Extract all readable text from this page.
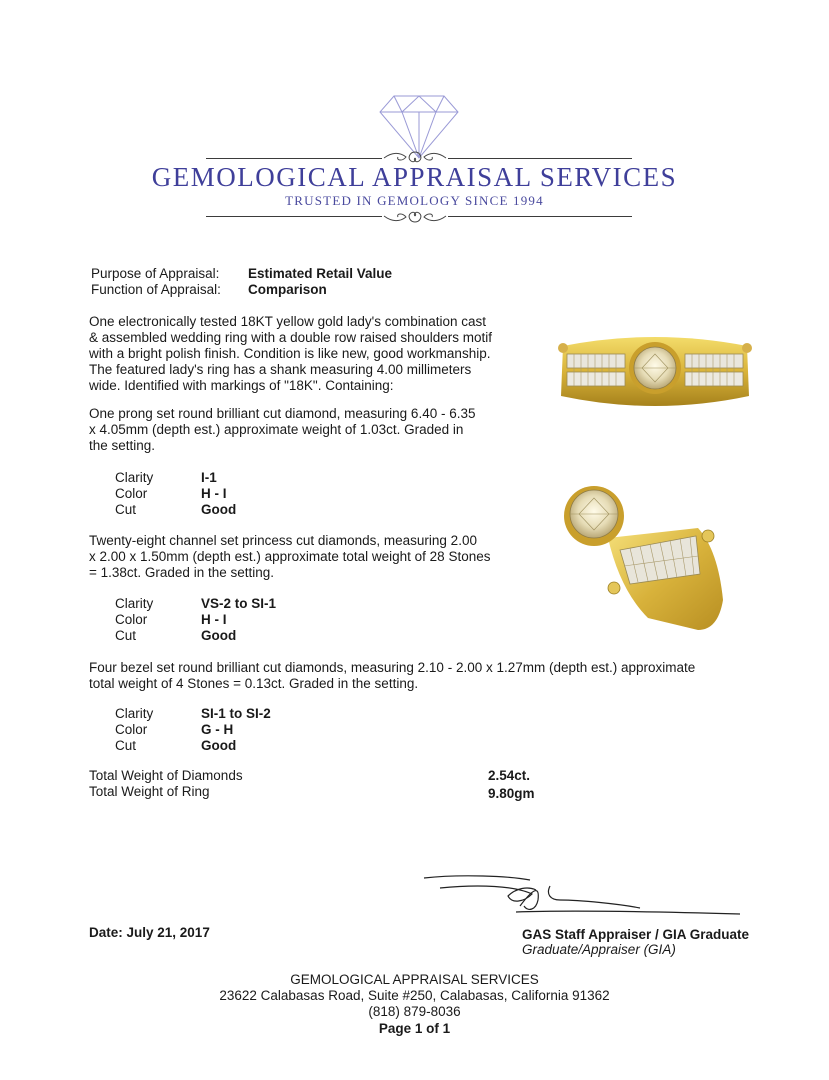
GEMOLOGICAL APPRAISAL SERVICES
TRUSTED IN GEMOLOGY SINCE 1994
Purpose of Appraisal: Estimated Retail Value
Function of Appraisal: Comparison

One electronically tested 18KT yellow gold lady's combination cast
& assembled wedding ring with a double row raised shoulders motif
with a bright polish finish. Condition is like new, good workmanship.
The featured lady's ring has a shank measuring 4.00 millimeters
wide. Identified with markings of "18K". Containing:

One prong set round brilliant cut diamond, measuring 6.40 - 6.35
x 4.05mm (depth est.) approximate weight of 1.03ct. Graded in
the setting.

Clarity	I-1
Color	H - I
Cut	Good

Twenty-eight channel set princess cut diamonds, measuring 2.00
x 2.00 x 1.50mm (depth est.) approximate total weight of 28 Stones
= 1.38ct. Graded in the setting.

Clarity	VS-2 to SI-1
Color	H - I
Cut	Good

Four bezel set round brilliant cut diamonds, measuring 2.10 - 2.00 x 1.27mm (depth est.) approximate
total weight of 4 Stones = 0.13ct. Graded in the setting.

Clarity	SI-1 to SI-2
Color	G - H
Cut	Good
Total Weight of Diamonds	2.54ct.
Total Weight of Ring	9.80gm
Date: July 21, 2017	GAS Staff Appraiser / GIA Graduate
Graduate/Appraiser (GIA)
GEMOLOGICAL APPRAISAL SERVICES
23622 Calabasas Road, Suite #250, Calabasas, California 91362
(818) 879-8036
Page 1 of 1
